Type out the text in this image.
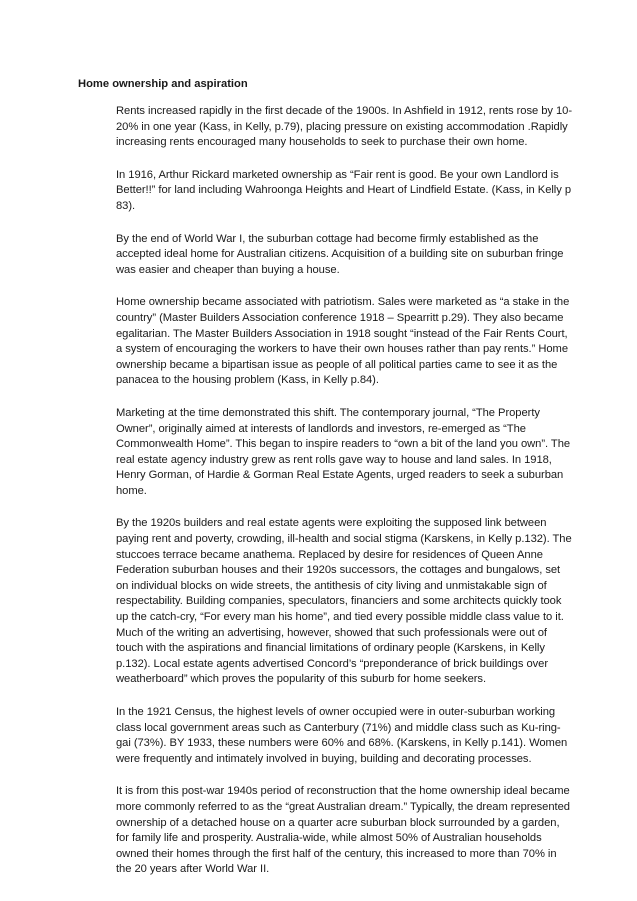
Home ownership and aspiration

Rents increased rapidly in the first decade of the 1900s. In Ashfield in 1912, rents rose by 10-20% in one year (Kass, in Kelly, p.79), placing pressure on existing accommodation .Rapidly increasing rents encouraged many households to seek to purchase their own home.

In 1916, Arthur Rickard marketed ownership as “Fair rent is good. Be your own Landlord is Better!!” for land including Wahroonga Heights and Heart of Lindfield Estate. (Kass, in Kelly p 83).

By the end of World War I, the suburban cottage had become firmly established as the accepted ideal home for Australian citizens. Acquisition of a building site on suburban fringe was easier and cheaper than buying a house.

Home ownership became associated with patriotism. Sales were marketed as “a stake in the country” (Master Builders Association conference 1918 – Spearritt p.29). They also became egalitarian. The Master Builders Association in 1918 sought “instead of the Fair Rents Court, a system of encouraging the workers to have their own houses rather than pay rents.” Home ownership became a bipartisan issue as people of all political parties came to see it as the panacea to the housing problem (Kass, in Kelly p.84).

Marketing at the time demonstrated this shift. The contemporary journal, “The Property Owner”, originally aimed at interests of landlords and investors, re-emerged as “The Commonwealth Home”. This began to inspire readers to “own a bit of the land you own”. The real estate agency industry grew as rent rolls gave way to house and land sales. In 1918, Henry Gorman, of Hardie & Gorman Real Estate Agents, urged readers to seek a suburban home.

By the 1920s builders and real estate agents were exploiting the supposed link between paying rent and poverty, crowding, ill-health and social stigma (Karskens, in Kelly p.132). The stuccoes terrace became anathema. Replaced by desire for residences of Queen Anne Federation suburban houses and their 1920s successors, the cottages and bungalows, set on individual blocks on wide streets, the antithesis of city living and unmistakable sign of respectability. Building companies, speculators, financiers and some architects quickly took up the catch-cry, “For every man his home”, and tied every possible middle class value to it. Much of the writing an advertising, however, showed that such professionals were out of touch with the aspirations and financial limitations of ordinary people (Karskens, in Kelly p.132). Local estate agents advertised Concord’s “preponderance of brick buildings over weatherboard” which proves the popularity of this suburb for home seekers.

In the 1921 Census, the highest levels of owner occupied were in outer-suburban working class local government areas such as Canterbury (71%) and middle class such as Ku-ring-gai (73%). BY 1933, these numbers were 60% and 68%. (Karskens, in Kelly p.141). Women were frequently and intimately involved in buying, building and decorating processes.

It is from this post-war 1940s period of reconstruction that the home ownership ideal became more commonly referred to as the “great Australian dream.” Typically, the dream represented ownership of a detached house on a quarter acre suburban block surrounded by a garden, for family life and prosperity. Australia-wide, while almost 50% of Australian households owned their homes through the first half of the century, this increased to more than 70% in the 20 years after World War II.
